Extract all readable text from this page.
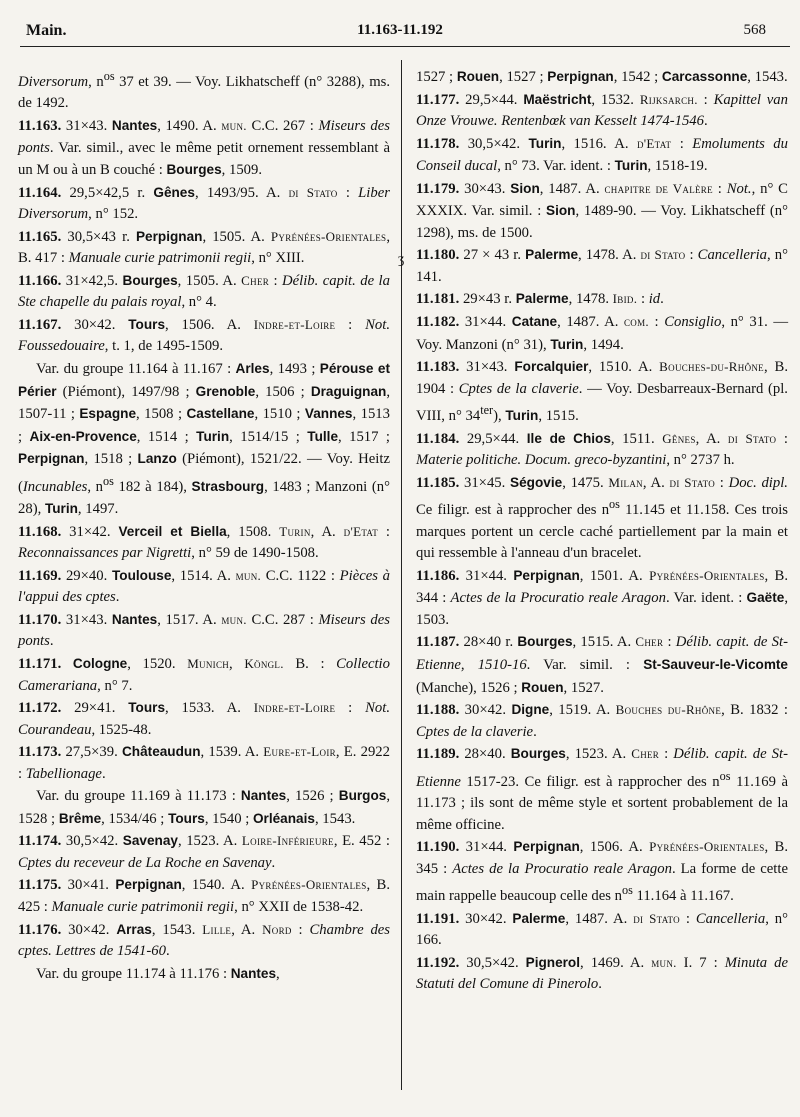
Main.	11.163-11.192	568
ʒ

Diversorum, $n^{os}$ 37 et 39. — Voy. Likhatscheff (n° 3288), ms. de 1492.

11.163. 31×43. Nantes, 1490. A. mun. C.C. 267 : Miseurs des ponts. Var. simil., avec le même petit ornement ressemblant à un M ou à un B couché : Bourges, 1509.

11.164. 29,5×42,5 r. Gênes, 1493/95. A. di Stato : Liber Diversorum, n° 152.

11.165. 30,5×43 r. Perpignan, 1505. A. Pyrénées-Orientales, B. 417 : Manuale curie patrimonii regii, n° XIII.

11.166. 31×42,5. Bourges, 1505. A. Cher : Délib. capit. de la Ste chapelle du palais royal, n° 4.

11.167. 30×42. Tours, 1506. A. Indre-et-Loire : Not. Foussedouaire, t. 1, de 1495-1509.

Var. du groupe 11.164 à 11.167 : Arles, 1493 ; Pérouse et Périer (Piémont), 1497/98 ; Grenoble, 1506 ; Draguignan, 1507-11 ; Espagne, 1508 ; Castellane, 1510 ; Vannes, 1513 ; Aix-en-Provence, 1514 ; Turin, 1514/15 ; Tulle, 1517 ; Perpignan, 1518 ; Lanzo (Piémont), 1521/22. — Voy. Heitz (Incunables, $n^{os}$ 182 à 184), Strasbourg, 1483 ; Manzoni (n° 28), Turin, 1497.

11.168. 31×42. Verceil et Biella, 1508. Turin, A. d'Etat : Reconnaissances par Nigretti, n° 59 de 1490-1508.

11.169. 29×40. Toulouse, 1514. A. mun. C.C. 1122 : Pièces à l'appui des cptes.

11.170. 31×43. Nantes, 1517. A. mun. C.C. 287 : Miseurs des ponts.

11.171. Cologne, 1520. Munich, Köngl. B. : Collectio Camerariana, n° 7.

11.172. 29×41. Tours, 1533. A. Indre-et-Loire : Not. Courandeau, 1525-48.

11.173. 27,5×39. Châteaudun, 1539. A. Eure-et-Loir, E. 2922 : Tabellionage.

Var. du groupe 11.169 à 11.173 : Nantes, 1526 ; Burgos, 1528 ; Brême, 1534/46 ; Tours, 1540 ; Orléanais, 1543.

11.174. 30,5×42. Savenay, 1523. A. Loire-Inférieure, E. 452 : Cptes du receveur de La Roche en Savenay.

11.175. 30×41. Perpignan, 1540. A. Pyrénées-Orientales, B. 425 : Manuale curie patrimonii regii, n° XXII de 1538-42.

11.176. 30×42. Arras, 1543. Lille, A. Nord : Chambre des cptes. Lettres de 1541-60.

Var. du groupe 11.174 à 11.176 : Nantes,

1527 ; Rouen, 1527 ; Perpignan, 1542 ; Carcassonne, 1543.

11.177. 29,5×44. Maëstricht, 1532. Rijksarch. : Kapittel van Onze Vrouwe. Rentenbœk van Kesselt 1474-1546.

11.178. 30,5×42. Turin, 1516. A. d'Etat : Emoluments du Conseil ducal, n° 73. Var. ident. : Turin, 1518-19.

11.179. 30×43. Sion, 1487. A. chapitre de Valère : Not., n° C XXXIX. Var. simil. : Sion, 1489-90. — Voy. Likhatscheff (n° 1298), ms. de 1500.

11.180. 27 × 43 r. Palerme, 1478. A. di Stato : Cancelleria, n° 141.

11.181. 29×43 r. Palerme, 1478. Ibid. : id.

11.182. 31×44. Catane, 1487. A. com. : Consiglio, n° 31. — Voy. Manzoni (n° 31), Turin, 1494.

11.183. 31×43. Forcalquier, 1510. A. Bouches-du-Rhône, B. 1904 : Cptes de la claverie. — Voy. Desbarreaux-Bernard (pl. VIII, n° $34^{ter}$), Turin, 1515.

11.184. 29,5×44. Ile de Chios, 1511. Gênes, A. di Stato : Materie politiche. Docum. greco-byzantini, n° 2737 h.

11.185. 31×45. Ségovie, 1475. Milan, A. di Stato : Doc. dipl. Ce filigr. est à rapprocher des $n^{os}$ 11.145 et 11.158. Ces trois marques portent un cercle caché partiellement par la main et qui ressemble à l'anneau d'un bracelet.

11.186. 31×44. Perpignan, 1501. A. Pyrénées-Orientales, B. 344 : Actes de la Procuratio reale Aragon. Var. ident. : Gaëte, 1503.

11.187. 28×40 r. Bourges, 1515. A. Cher : Délib. capit. de St-Etienne, 1510-16. Var. simil. : St-Sauveur-le-Vicomte (Manche), 1526 ; Rouen, 1527.

11.188. 30×42. Digne, 1519. A. Bouches du-Rhône, B. 1832 : Cptes de la claverie.

11.189. 28×40. Bourges, 1523. A. Cher : Délib. capit. de St-Etienne 1517-23. Ce filigr. est à rapprocher des $n^{os}$ 11.169 à 11.173 ; ils sont de même style et sortent probablement de la même officine.

11.190. 31×44. Perpignan, 1506. A. Pyrénées-Orientales, B. 345 : Actes de la Procuratio reale Aragon. La forme de cette main rappelle beaucoup celle des $n^{os}$ 11.164 à 11.167.

11.191. 30×42. Palerme, 1487. A. di Stato : Cancelleria, n° 166.

11.192. 30,5×42. Pignerol, 1469. A. mun. I. 7 : Minuta de Statuti del Comune di Pinerolo.
